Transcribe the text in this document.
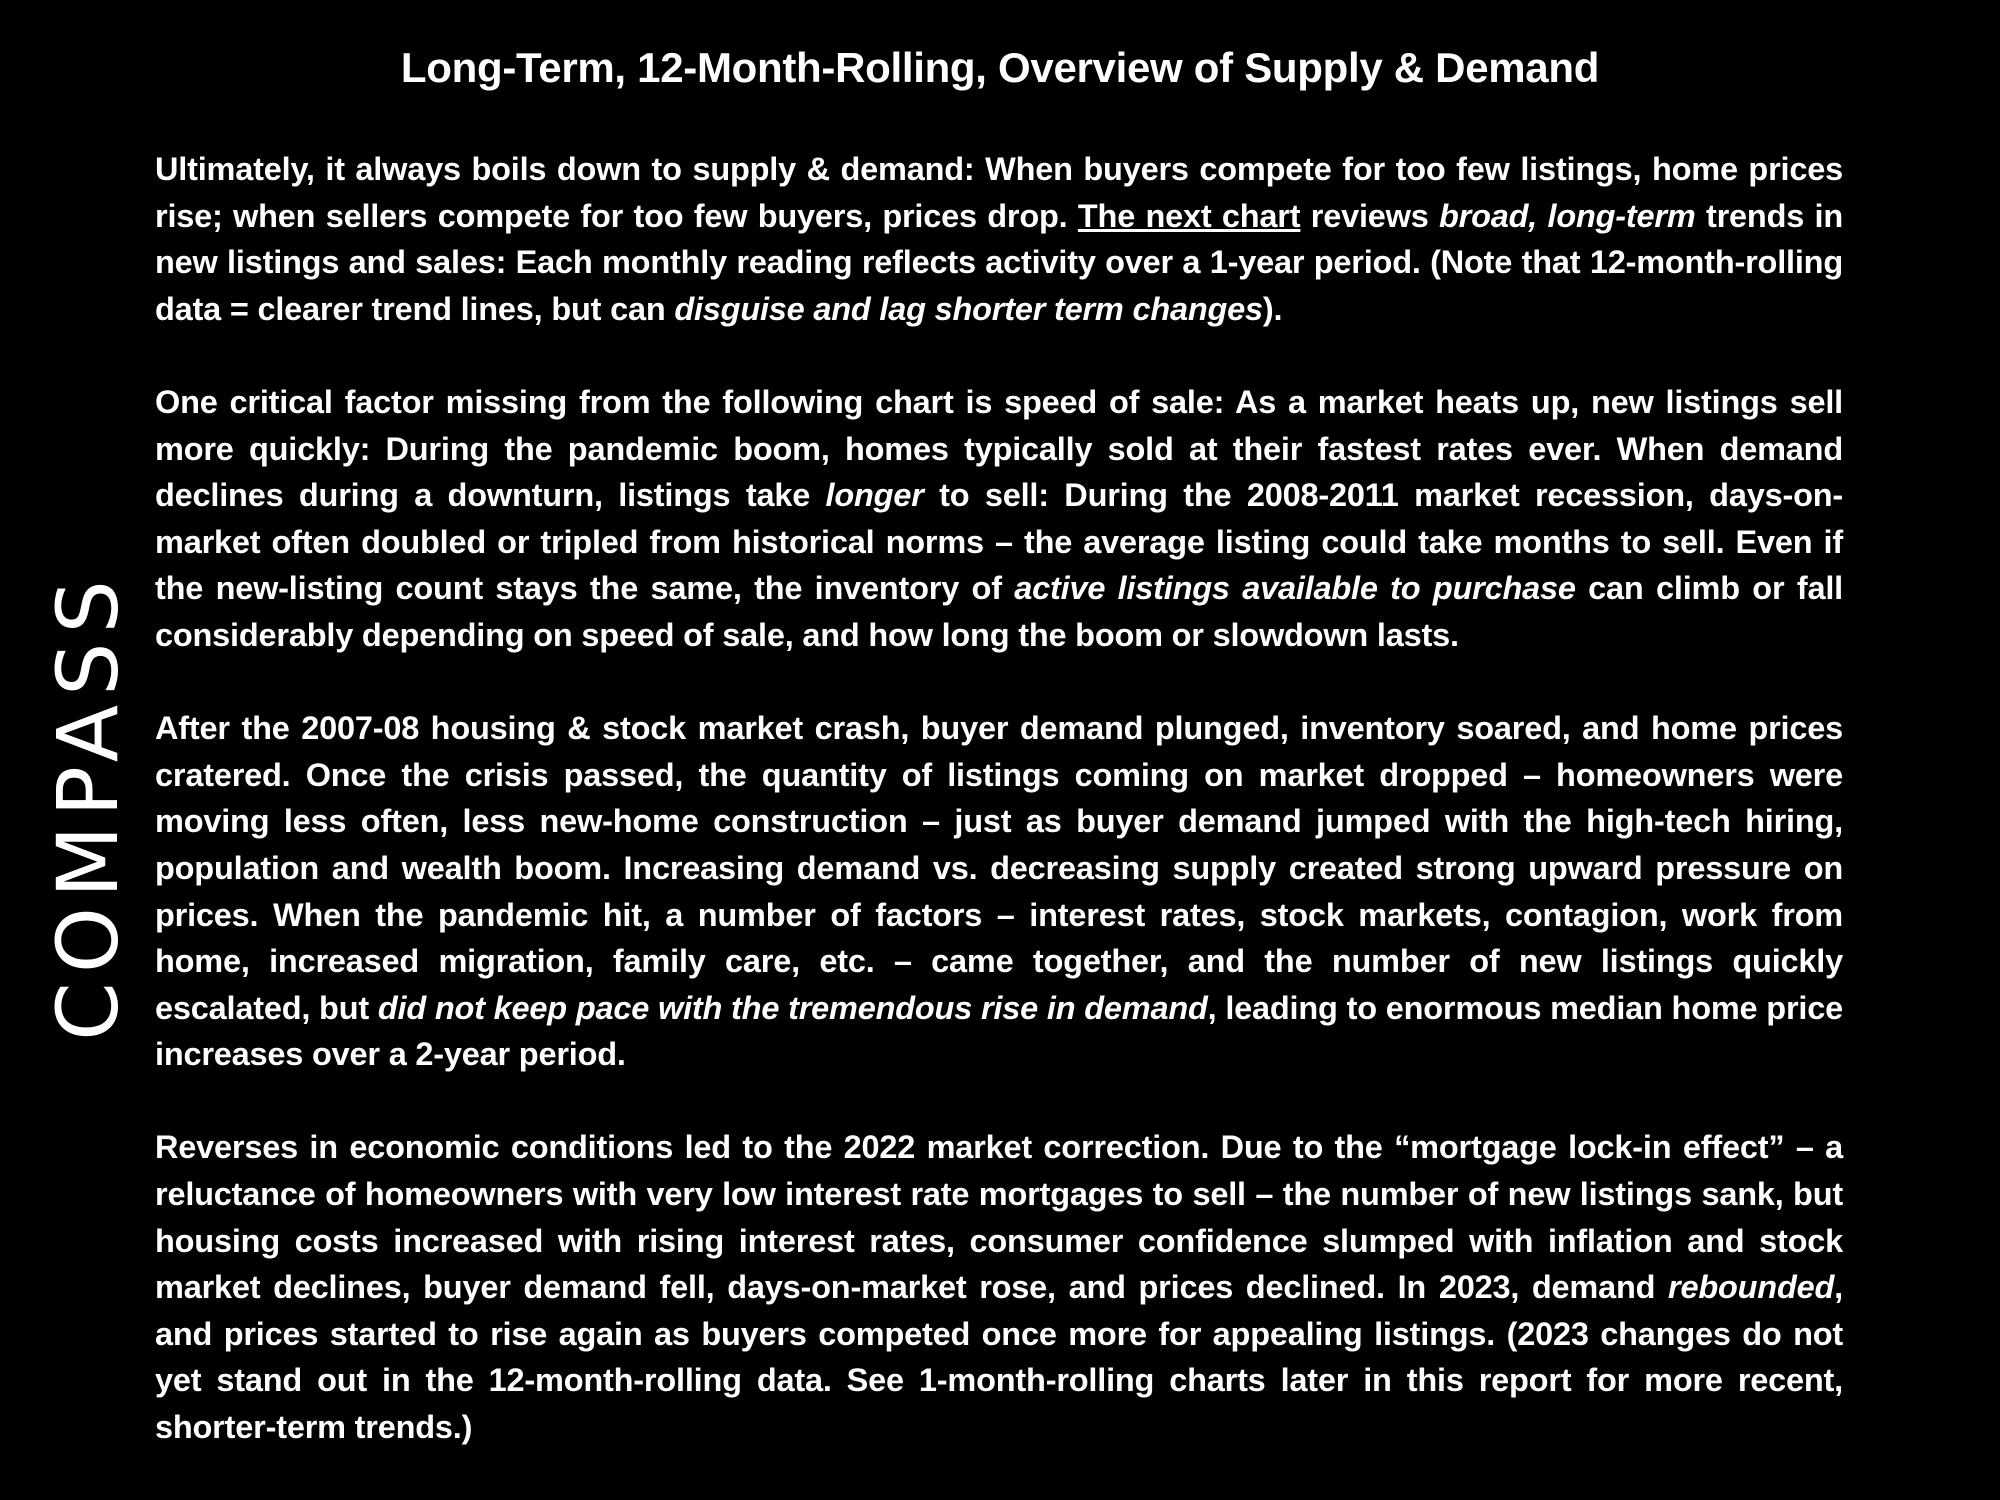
Long-Term, 12-Month-Rolling, Overview of Supply & Demand
COMPASS

Ultimately, it always boils down to supply & demand: When buyers compete for too few listings, home prices rise; when sellers compete for too few buyers, prices drop. The next chart reviews broad, long-term trends in new listings and sales: Each monthly reading reflects activity over a 1-year period. (Note that 12-month-rolling data = clearer trend lines, but can disguise and lag shorter term changes).

One critical factor missing from the following chart is speed of sale: As a market heats up, new listings sell more quickly: During the pandemic boom, homes typically sold at their fastest rates ever. When demand declines during a downturn, listings take longer to sell: During the 2008-2011 market recession, days-on-market often doubled or tripled from historical norms – the average listing could take months to sell. Even if the new-listing count stays the same, the inventory of active listings available to purchase can climb or fall considerably depending on speed of sale, and how long the boom or slowdown lasts.

After the 2007-08 housing & stock market crash, buyer demand plunged, inventory soared, and home prices cratered. Once the crisis passed, the quantity of listings coming on market dropped – homeowners were moving less often, less new-home construction – just as buyer demand jumped with the high-tech hiring, population and wealth boom. Increasing demand vs. decreasing supply created strong upward pressure on prices. When the pandemic hit, a number of factors – interest rates, stock markets, contagion, work from home, increased migration, family care, etc. – came together, and the number of new listings quickly escalated, but did not keep pace with the tremendous rise in demand, leading to enormous median home price increases over a 2-year period.

Reverses in economic conditions led to the 2022 market correction. Due to the “mortgage lock-in effect” – a reluctance of homeowners with very low interest rate mortgages to sell – the number of new listings sank, but housing costs increased with rising interest rates, consumer confidence slumped with inflation and stock market declines, buyer demand fell, days-on-market rose, and prices declined. In 2023, demand rebounded, and prices started to rise again as buyers competed once more for appealing listings. (2023 changes do not yet stand out in the 12-month-rolling data. See 1-month-rolling charts later in this report for more recent, shorter-term trends.)
